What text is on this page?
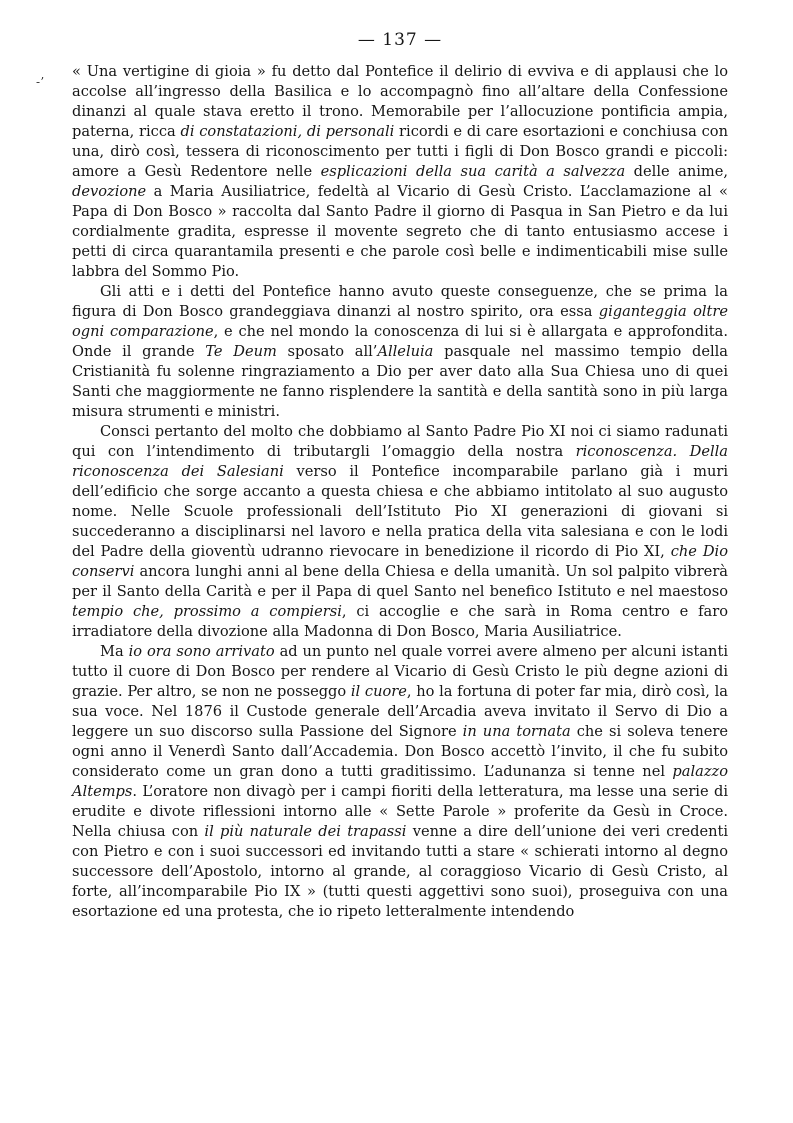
-ʼ
— 137 —

« Una vertigine di gioia » fu detto dal Pontefice il delirio di evviva e di applausi che lo accolse all’ingresso della Basilica e lo accompagnò fino all’altare della Confessione dinanzi al quale stava eretto il trono. Memorabile per l’allocuzione pontificia ampia, paterna, ricca di constatazioni, di personali ricordi e di care esortazioni e conchiusa con una, dirò così, tessera di riconoscimento per tutti i figli di Don Bosco grandi e piccoli: amore a Gesù Redentore nelle esplicazioni della sua carità a salvezza delle anime, devozione a Maria Ausiliatrice, fedeltà al Vicario di Gesù Cristo. L’acclamazione al « Papa di Don Bosco » raccolta dal Santo Padre il giorno di Pasqua in San Pietro e da lui cordialmente gradita, espresse il movente segreto che di tanto entusiasmo accese i petti di circa quarantamila presenti e che parole così belle e indimenticabili mise sulle labbra del Sommo Pio.

Gli atti e i detti del Pontefice hanno avuto queste conseguenze, che se prima la figura di Don Bosco grandeggiava dinanzi al nostro spirito, ora essa giganteggia oltre ogni comparazione, e che nel mondo la conoscenza di lui si è allargata e approfondita. Onde il grande Te Deum sposato all’Alleluia pasquale nel massimo tempio della Cristianità fu solenne ringraziamento a Dio per aver dato alla Sua Chiesa uno di quei Santi che maggiormente ne fanno risplendere la santità e della santità sono in più larga misura strumenti e ministri.

Consci pertanto del molto che dobbiamo al Santo Padre Pio XI noi ci siamo radunati qui con l’intendimento di tributargli l’omaggio della nostra riconoscenza. Della riconoscenza dei Salesiani verso il Pontefice incomparabile parlano già i muri dell’edificio che sorge accanto a questa chiesa e che abbiamo intitolato al suo augusto nome. Nelle Scuole professionali dell’Istituto Pio XI generazioni di giovani si succederanno a disciplinarsi nel lavoro e nella pratica della vita salesiana e con le lodi del Padre della gioventù udranno rievocare in benedizione il ricordo di Pio XI, che Dio conservi ancora lunghi anni al bene della Chiesa e della umanità. Un sol palpito vibrerà per il Santo della Carità e per il Papa di quel Santo nel benefico Istituto e nel maestoso tempio che, prossimo a compiersi, ci accoglie e che sarà in Roma centro e faro irradiatore della divozione alla Madonna di Don Bosco, Maria Ausiliatrice.

Ma io ora sono arrivato ad un punto nel quale vorrei avere almeno per alcuni istanti tutto il cuore di Don Bosco per rendere al Vicario di Gesù Cristo le più degne azioni di grazie. Per altro, se non ne posseggo il cuore, ho la fortuna di poter far mia, dirò così, la sua voce. Nel 1876 il Custode generale dell’Arcadia aveva invitato il Servo di Dio a leggere un suo discorso sulla Passione del Signore in una tornata che si soleva tenere ogni anno il Venerdì Santo dall’Accademia. Don Bosco accettò l’invito, il che fu subito considerato come un gran dono a tutti graditissimo. L’adunanza si tenne nel palazzo Altemps. L’oratore non divagò per i campi fioriti della letteratura, ma lesse una serie di erudite e divote riflessioni intorno alle « Sette Parole » proferite da Gesù in Croce. Nella chiusa con il più naturale dei trapassi venne a dire dell’unione dei veri credenti con Pietro e con i suoi successori ed invitando tutti a stare « schierati intorno al degno successore dell’Apostolo, intorno al grande, al coraggioso Vicario di Gesù Cristo, al forte, all’incomparabile Pio IX » (tutti questi aggettivi sono suoi), proseguiva con una esortazione ed una protesta, che io ripeto letteralmente intendendo
